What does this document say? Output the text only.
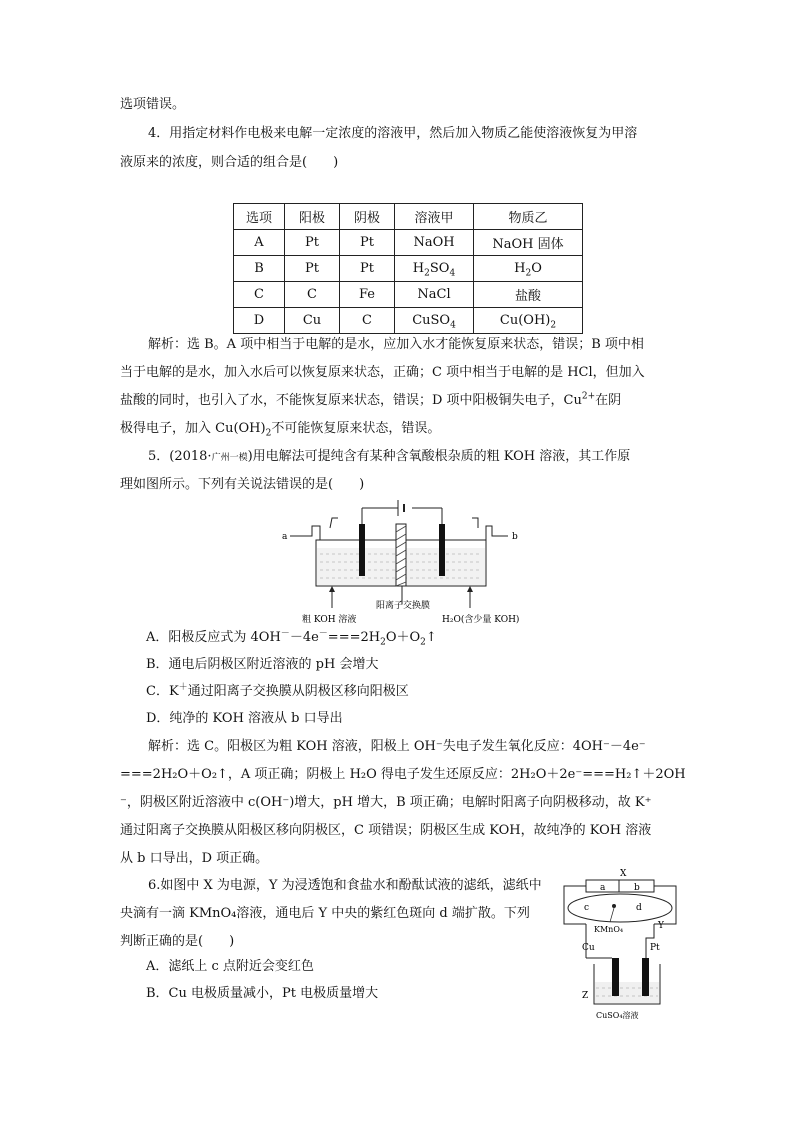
选项错误。
4．用指定材料作电极来电解一定浓度的溶液甲，然后加入物质乙能使溶液恢复为甲溶
液原来的浓度，则合适的组合是(　　)
选项	阳极	阴极	溶液甲	物质乙
A	Pt	Pt	NaOH	NaOH 固体
B	Pt	Pt	$H_2SO_4$	$H_2O$
C	C	Fe	NaCl	盐酸
D	Cu	C	CuSO$_4$	$Cu(OH)_2$
解析：选 B。A 项中相当于电解的是水，应加入水才能恢复原来状态，错误；B 项中相
当于电解的是水，加入水后可以恢复原来状态，正确；C 项中相当于电解的是 HCl，但加入
盐酸的同时，也引入了水，不能恢复原来状态，错误；D 项中阳极铜失电子，$Cu^{2+}$在阴
极得电子，加入 $Cu(OH)_2$不可能恢复原来状态，错误。
5．(2018·广州一模)用电解法可提纯含有某种含氧酸根杂质的粗 KOH 溶液，其工作原
理如图所示。下列有关说法错误的是(　　)
a	b
阳离子交换膜
粗 KOH 溶液	H₂O(含少量 KOH)
A．阳极反应式为 $4OH^--4e^-===2H_2O+O_2↑$
B．通电后阴极区附近溶液的 pH 会增大
C．K＋通过阳离子交换膜从阴极区移向阳极区
D．纯净的 KOH 溶液从 b 口导出
解析：选 C。阳极区为粗 KOH 溶液，阳极上 OH⁻失电子发生氧化反应：4OH⁻－4e⁻
===2H₂O＋O₂↑，A 项正确；阴极上 H₂O 得电子发生还原反应：2H₂O＋2e⁻===H₂↑＋2OH
⁻，阴极区附近溶液中 c(OH⁻)增大，pH 增大，B 项正确；电解时阳离子向阴极移动，故 K⁺
通过阳离子交换膜从阳极区移向阴极区，C 项错误；阴极区生成 KOH，故纯净的 KOH 溶液
从 b 口导出，D 项正确。
6.如图中 X 为电源，Y 为浸透饱和食盐水和酚酞试液的滤纸，滤纸中
央滴有一滴 KMnO₄溶液，通电后 Y 中央的紫红色斑向 d 端扩散。下列
判断正确的是(　　)
A．滤纸上 c 点附近会变红色
B．Cu 电极质量减小，Pt 电极质量增大
X
a	b
c	d
KMnO₄	Y
Cu	Pt
Z
CuSO₄溶液
